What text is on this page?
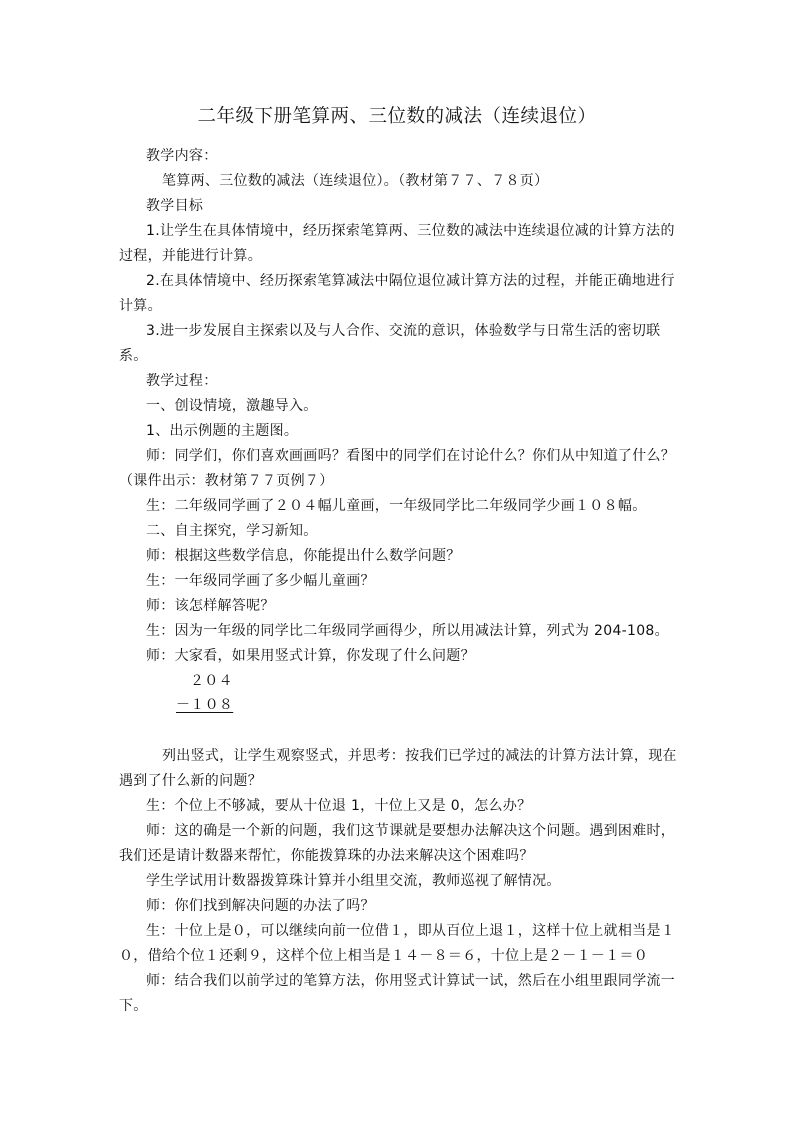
二年级下册笔算两、三位数的减法（连续退位）
教学内容：
笔算两、三位数的减法（连续退位）。（教材第７７、７８页）
教学目标
1.让学生在具体情境中，经历探索笔算两、三位数的减法中连续退位减的计算方法的
过程，并能进行计算。
2.在具体情境中、经历探索笔算减法中隔位退位减计算方法的过程，并能正确地进行
计算。
3.进一步发展自主探索以及与人合作、交流的意识，体验数学与日常生活的密切联
系。
教学过程：
一、创设情境，激趣导入。
1、出示例题的主题图。
师：同学们，你们喜欢画画吗？看图中的同学们在讨论什么？你们从中知道了什么？
（课件出示：教材第７７页例７）
生：二年级同学画了２０４幅儿童画，一年级同学比二年级同学少画１０８幅。
二、自主探究，学习新知。
师：根据这些数学信息，你能提出什么数学问题？
生：一年级同学画了多少幅儿童画？
师：该怎样解答呢？
生：因为一年级的同学比二年级同学画得少，所以用减法计算，列式为 204-108。
师：大家看，如果用竖式计算，你发现了什么问题？
２０４
－１０８
列出竖式，让学生观察竖式，并思考：按我们已学过的减法的计算方法计算，现在
遇到了什么新的问题？
生：个位上不够减，要从十位退 1，十位上又是 0，怎么办？
师：这的确是一个新的问题，我们这节课就是要想办法解决这个问题。遇到困难时，
我们还是请计数器来帮忙，你能拨算珠的办法来解决这个困难吗？
学生学试用计数器拨算珠计算并小组里交流，教师巡视了解情况。
师：你们找到解决问题的办法了吗？
生：十位上是０，可以继续向前一位借１，即从百位上退１，这样十位上就相当是１
０，借给个位１还剩９，这样个位上相当是１４－８＝６，十位上是２－１－１＝０
师：结合我们以前学过的笔算方法，你用竖式计算试一试，然后在小组里跟同学流一
下。
